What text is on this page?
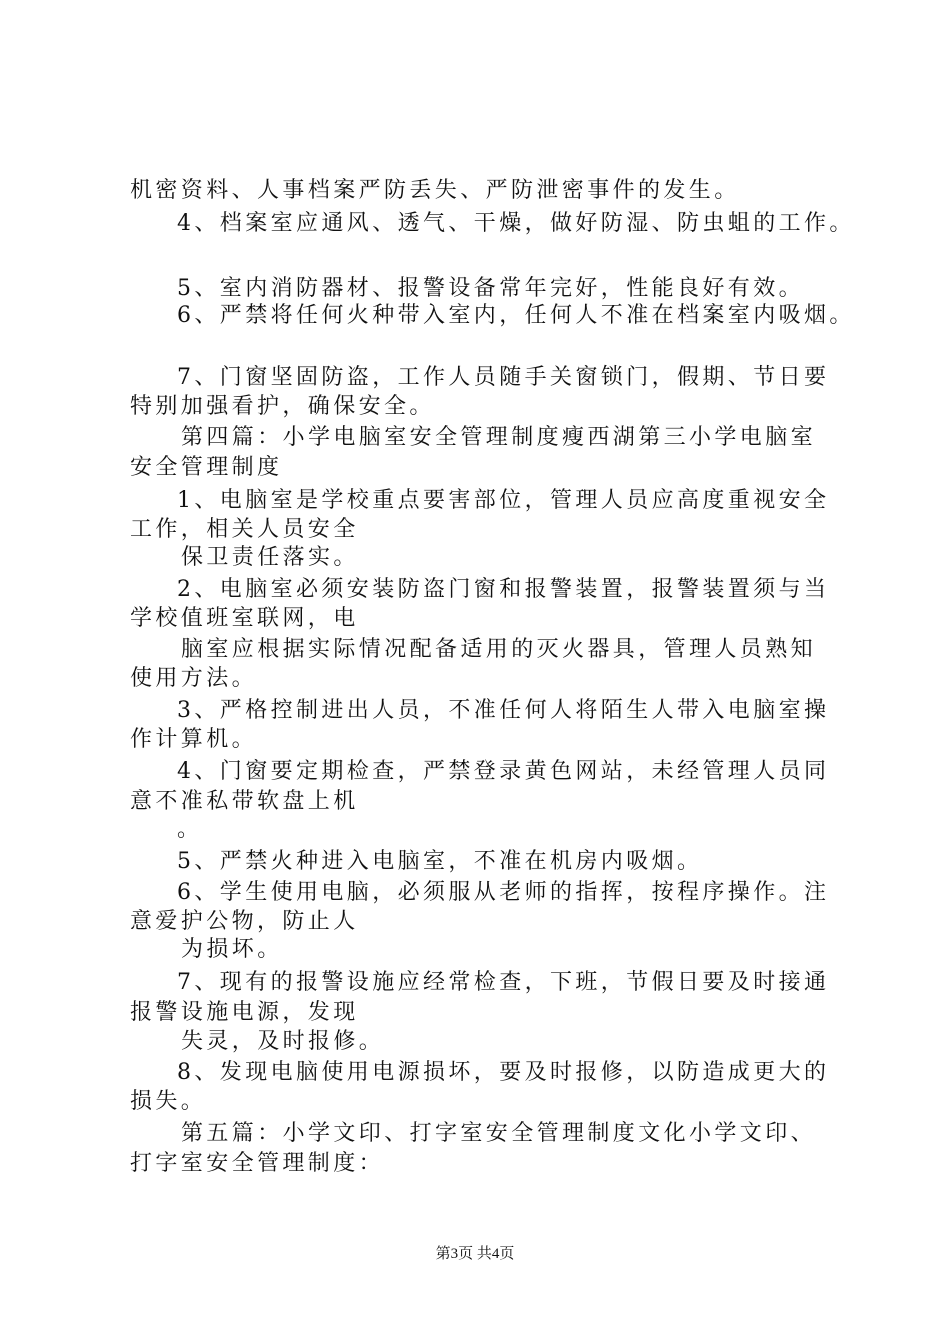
机密资料、人事档案严防丢失、严防泄密事件的发生。
4、档案室应通风、透气、干燥，做好防湿、防虫蛆的工作。
5、室内消防器材、报警设备常年完好，性能良好有效。
6、严禁将任何火种带入室内，任何人不准在档案室内吸烟。
7、门窗坚固防盗，工作人员随手关窗锁门，假期、节日要
特别加强看护，确保安全。
第四篇：小学电脑室安全管理制度瘦西湖第三小学电脑室
安全管理制度
1、电脑室是学校重点要害部位，管理人员应高度重视安全
工作，相关人员安全
保卫责任落实。
2、电脑室必须安装防盗门窗和报警装置，报警装置须与当
学校值班室联网，电
脑室应根据实际情况配备适用的灭火器具，管理人员熟知
使用方法。
3、严格控制进出人员，不准任何人将陌生人带入电脑室操
作计算机。
4、门窗要定期检查，严禁登录黄色网站，未经管理人员同
意不准私带软盘上机
。
5、严禁火种进入电脑室，不准在机房内吸烟。
6、学生使用电脑，必须服从老师的指挥，按程序操作。注
意爱护公物，防止人
为损坏。
7、现有的报警设施应经常检查，下班，节假日要及时接通
报警设施电源，发现
失灵，及时报修。
8、发现电脑使用电源损坏，要及时报修，以防造成更大的
损失。
第五篇：小学文印、打字室安全管理制度文化小学文印、
打字室安全管理制度：
第3页 共4页
